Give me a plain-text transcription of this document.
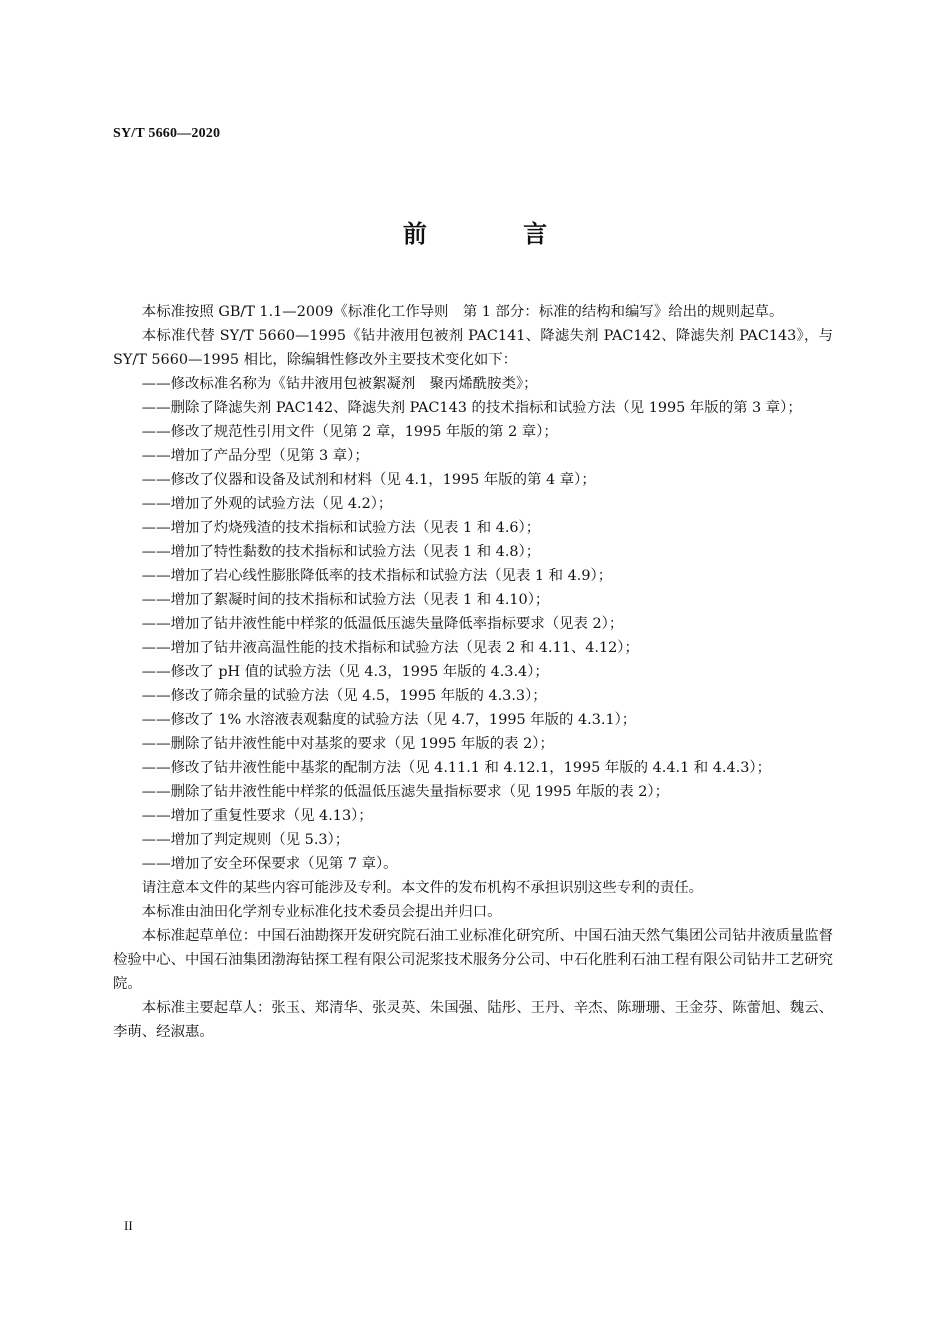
SY/T 5660—2020
前 言

本标准按照 GB/T 1.1—2009《标准化工作导则　第 1 部分：标准的结构和编写》给出的规则起草。

本标准代替 SY/T 5660—1995《钻井液用包被剂 PAC141、降滤失剂 PAC142、降滤失剂 PAC143》，与 SY/T 5660—1995 相比，除编辑性修改外主要技术变化如下：

——修改标准名称为《钻井液用包被絮凝剂　聚丙烯酰胺类》；

——删除了降滤失剂 PAC142、降滤失剂 PAC143 的技术指标和试验方法（见 1995 年版的第 3 章）；

——修改了规范性引用文件（见第 2 章，1995 年版的第 2 章）；

——增加了产品分型（见第 3 章）；

——修改了仪器和设备及试剂和材料（见 4.1，1995 年版的第 4 章）；

——增加了外观的试验方法（见 4.2）；

——增加了灼烧残渣的技术指标和试验方法（见表 1 和 4.6）；

——增加了特性黏数的技术指标和试验方法（见表 1 和 4.8）；

——增加了岩心线性膨胀降低率的技术指标和试验方法（见表 1 和 4.9）；

——增加了絮凝时间的技术指标和试验方法（见表 1 和 4.10）；

——增加了钻井液性能中样浆的低温低压滤失量降低率指标要求（见表 2）；

——增加了钻井液高温性能的技术指标和试验方法（见表 2 和 4.11、4.12）；

——修改了 pH 值的试验方法（见 4.3，1995 年版的 4.3.4）；

——修改了筛余量的试验方法（见 4.5，1995 年版的 4.3.3）；

——修改了 1% 水溶液表观黏度的试验方法（见 4.7，1995 年版的 4.3.1）；

——删除了钻井液性能中对基浆的要求（见 1995 年版的表 2）；

——修改了钻井液性能中基浆的配制方法（见 4.11.1 和 4.12.1，1995 年版的 4.4.1 和 4.4.3）；

——删除了钻井液性能中样浆的低温低压滤失量指标要求（见 1995 年版的表 2）；

——增加了重复性要求（见 4.13）；

——增加了判定规则（见 5.3）；

——增加了安全环保要求（见第 7 章）。

请注意本文件的某些内容可能涉及专利。本文件的发布机构不承担识别这些专利的责任。

本标准由油田化学剂专业标准化技术委员会提出并归口。

本标准起草单位：中国石油勘探开发研究院石油工业标准化研究所、中国石油天然气集团公司钻井液质量监督检验中心、中国石油集团渤海钻探工程有限公司泥浆技术服务分公司、中石化胜利石油工程有限公司钻井工艺研究院。

本标准主要起草人：张玉、郑清华、张灵英、朱国强、陆彤、王丹、辛杰、陈珊珊、王金芬、陈蕾旭、魏云、李萌、经淑惠。

II
